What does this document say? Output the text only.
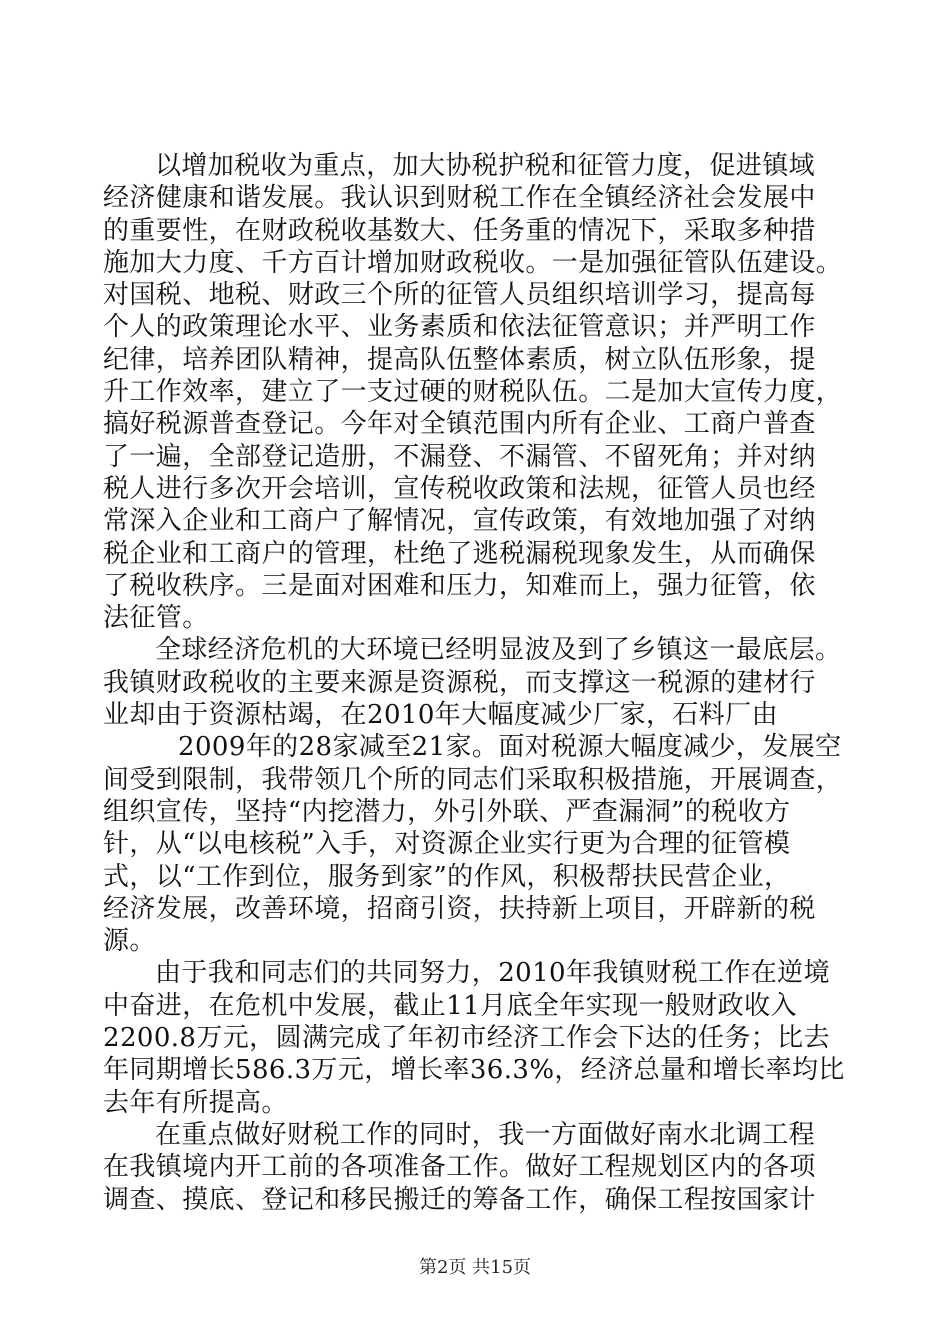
以增加税收为重点，加大协税护税和征管力度，促进镇域
经济健康和谐发展。我认识到财税工作在全镇经济社会发展中
的重要性，在财政税收基数大、任务重的情况下，采取多种措
施加大力度、千方百计增加财政税收。一是加强征管队伍建设。
对国税、地税、财政三个所的征管人员组织培训学习，提高每
个人的政策理论水平、业务素质和依法征管意识；并严明工作
纪律，培养团队精神，提高队伍整体素质，树立队伍形象，提
升工作效率，建立了一支过硬的财税队伍。二是加大宣传力度，
搞好税源普查登记。今年对全镇范围内所有企业、工商户普查
了一遍，全部登记造册，不漏登、不漏管、不留死角；并对纳
税人进行多次开会培训，宣传税收政策和法规，征管人员也经
常深入企业和工商户了解情况，宣传政策，有效地加强了对纳
税企业和工商户的管理，杜绝了逃税漏税现象发生，从而确保
了税收秩序。三是面对困难和压力，知难而上，强力征管，依
法征管。
全球经济危机的大环境已经明显波及到了乡镇这一最底层。
我镇财政税收的主要来源是资源税，而支撑这一税源的建材行
业却由于资源枯竭，在2010年大幅度减少厂家，石料厂由
2009年的28家减至21家。面对税源大幅度减少，发展空
间受到限制，我带领几个所的同志们采取积极措施，开展调查，
组织宣传，坚持“内挖潜力，外引外联、严查漏洞”的税收方
针，从“以电核税”入手，对资源企业实行更为合理的征管模
式，以“工作到位，服务到家”的作风，积极帮扶民营企业，
经济发展，改善环境，招商引资，扶持新上项目，开辟新的税
源。
由于我和同志们的共同努力，2010年我镇财税工作在逆境
中奋进，在危机中发展，截止11月底全年实现一般财政收入
2200.8万元，圆满完成了年初市经济工作会下达的任务；比去
年同期增长586.3万元，增长率36.3%，经济总量和增长率均比
去年有所提高。
在重点做好财税工作的同时，我一方面做好南水北调工程
在我镇境内开工前的各项准备工作。做好工程规划区内的各项
调查、摸底、登记和移民搬迁的筹备工作，确保工程按国家计
第2页 共15页
